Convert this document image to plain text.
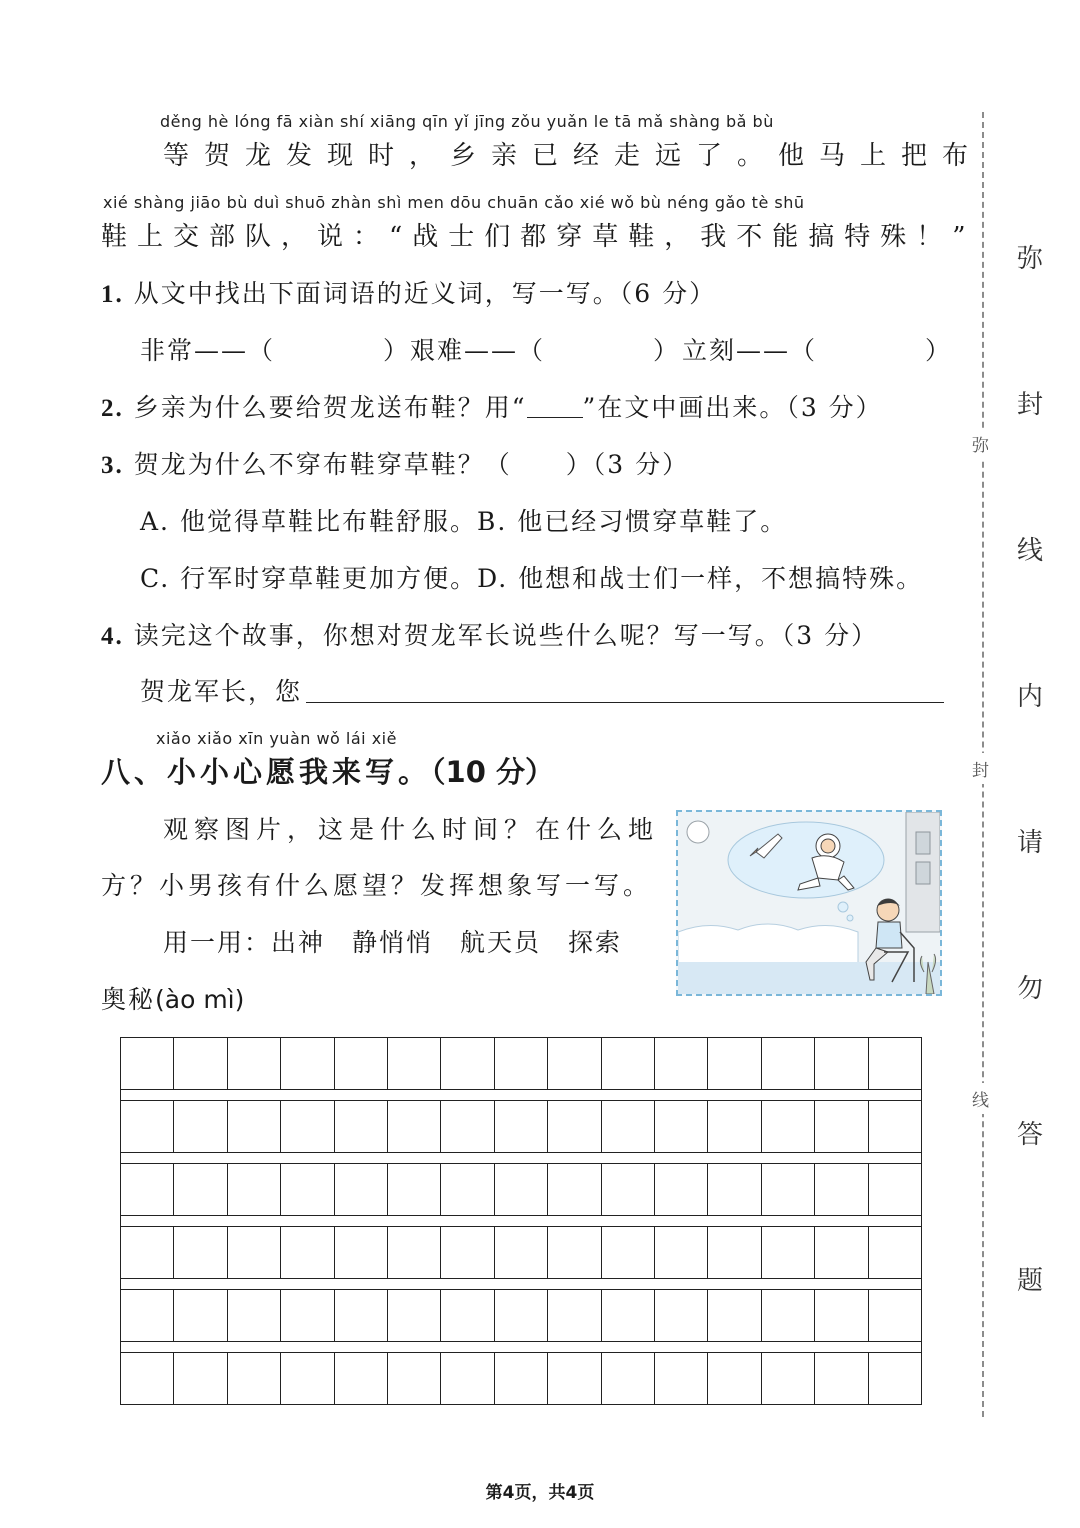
děng hè lóng fā xiàn shí xiāng qīn yǐ jīng zǒu yuǎn le tā mǎ shàng bǎ bù
等贺龙发现时，乡亲已经走远了。他马上把布
xié shàng jiāo bù duì shuō zhàn shì men dōu chuān cǎo xié wǒ bù néng gǎo tè shū
鞋上交部队，说：“战士们都穿草鞋，我不能搞特殊！”
1. 从文中找出下面词语的近义词，写一写。（6 分）
非常——（　　　　） 艰难——（　　　　） 立刻——（　　　　）
2. 乡亲为什么要给贺龙送布鞋？用“ ”在文中画出来。（3 分）
3. 贺龙为什么不穿布鞋穿草鞋？（　　）（3 分）
A. 他觉得草鞋比布鞋舒服。B. 他已经习惯穿草鞋了。
C. 行军时穿草鞋更加方便。D. 他想和战士们一样，不想搞特殊。
4. 读完这个故事，你想对贺龙军长说些什么呢？写一写。（3 分）
贺龙军长，您
xiǎo xiǎo xīn yuàn wǒ lái xiě
八、小小心愿我来写。（10 分）
观察图片，这是什么时间？在什么地
方？小男孩有什么愿望？发挥想象写一写。
用一用：出神　静悄悄　航天员　探索
奥秘(ào mì)
弥
封
线
弥
封
线
内
请
勿
答
题
第4页，共4页
